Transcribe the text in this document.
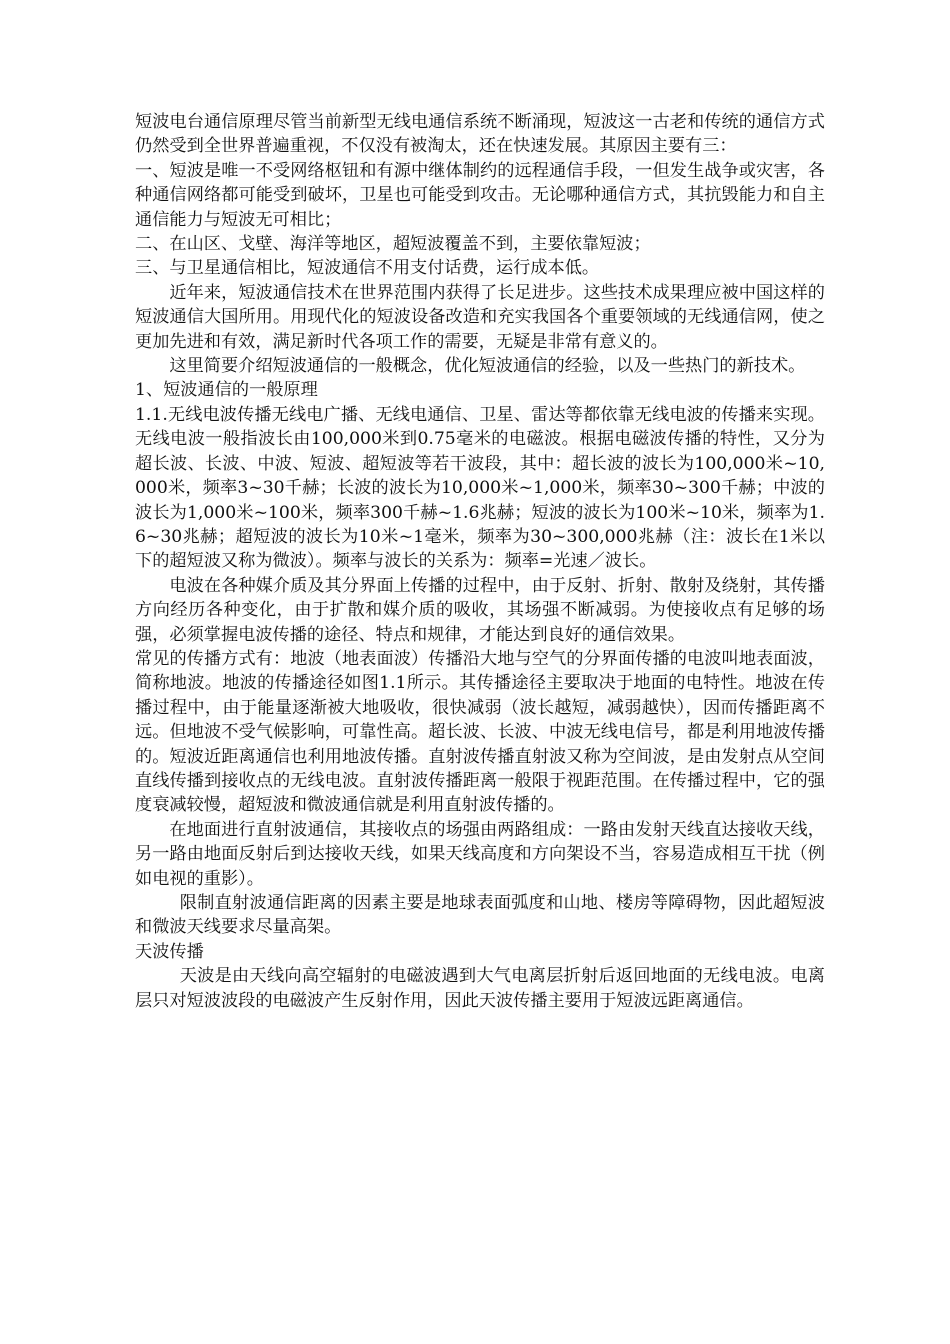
短波电台通信原理尽管当前新型无线电通信系统不断涌现，短波这一古老和传统的通信方式仍然受到全世界普遍重视，不仅没有被淘太，还在快速发展。其原因主要有三：

一、短波是唯一不受网络枢钮和有源中继体制约的远程通信手段，一但发生战争或灾害，各种通信网络都可能受到破坏，卫星也可能受到攻击。无论哪种通信方式，其抗毁能力和自主通信能力与短波无可相比；

二、在山区、戈壁、海洋等地区，超短波覆盖不到，主要依靠短波；

三、与卫星通信相比，短波通信不用支付话费，运行成本低。

近年来，短波通信技术在世界范围内获得了长足进步。这些技术成果理应被中国这样的短波通信大国所用。用现代化的短波设备改造和充实我国各个重要领域的无线通信网，使之更加先进和有效，满足新时代各项工作的需要，无疑是非常有意义的。

这里简要介绍短波通信的一般概念，优化短波通信的经验，以及一些热门的新技术。

1、短波通信的一般原理

1.1.无线电波传播无线电广播、无线电通信、卫星、雷达等都依靠无线电波的传播来实现。无线电波一般指波长由100,000米到0.75毫米的电磁波。根据电磁波传播的特性，又分为超长波、长波、中波、短波、超短波等若干波段，其中：超长波的波长为100,000米~10,000米，频率3~30千赫；长波的波长为10,000米~1,000米，频率30~300千赫；中波的波长为1,000米~100米，频率300千赫~1.6兆赫；短波的波长为100米~10米，频率为1.6~30兆赫；超短波的波长为10米~1毫米，频率为30~300,000兆赫（注：波长在1米以下的超短波又称为微波）。频率与波长的关系为：频率=光速／波长。

电波在各种媒介质及其分界面上传播的过程中，由于反射、折射、散射及绕射，其传播方向经历各种变化，由于扩散和媒介质的吸收，其场强不断减弱。为使接收点有足够的场强，必须掌握电波传播的途径、特点和规律，才能达到良好的通信效果。

常见的传播方式有：地波（地表面波）传播沿大地与空气的分界面传播的电波叫地表面波，简称地波。地波的传播途径如图1.1所示。其传播途径主要取决于地面的电特性。地波在传播过程中，由于能量逐渐被大地吸收，很快减弱（波长越短，减弱越快），因而传播距离不远。但地波不受气候影响，可靠性高。超长波、长波、中波无线电信号，都是利用地波传播的。短波近距离通信也利用地波传播。直射波传播直射波又称为空间波，是由发射点从空间直线传播到接收点的无线电波。直射波传播距离一般限于视距范围。在传播过程中，它的强度衰减较慢，超短波和微波通信就是利用直射波传播的。

在地面进行直射波通信，其接收点的场强由两路组成：一路由发射天线直达接收天线，另一路由地面反射后到达接收天线，如果天线高度和方向架设不当，容易造成相互干扰（例如电视的重影）。

限制直射波通信距离的因素主要是地球表面弧度和山地、楼房等障碍物，因此超短波和微波天线要求尽量高架。

天波传播

天波是由天线向高空辐射的电磁波遇到大气电离层折射后返回地面的无线电波。电离层只对短波波段的电磁波产生反射作用，因此天波传播主要用于短波远距离通信。
